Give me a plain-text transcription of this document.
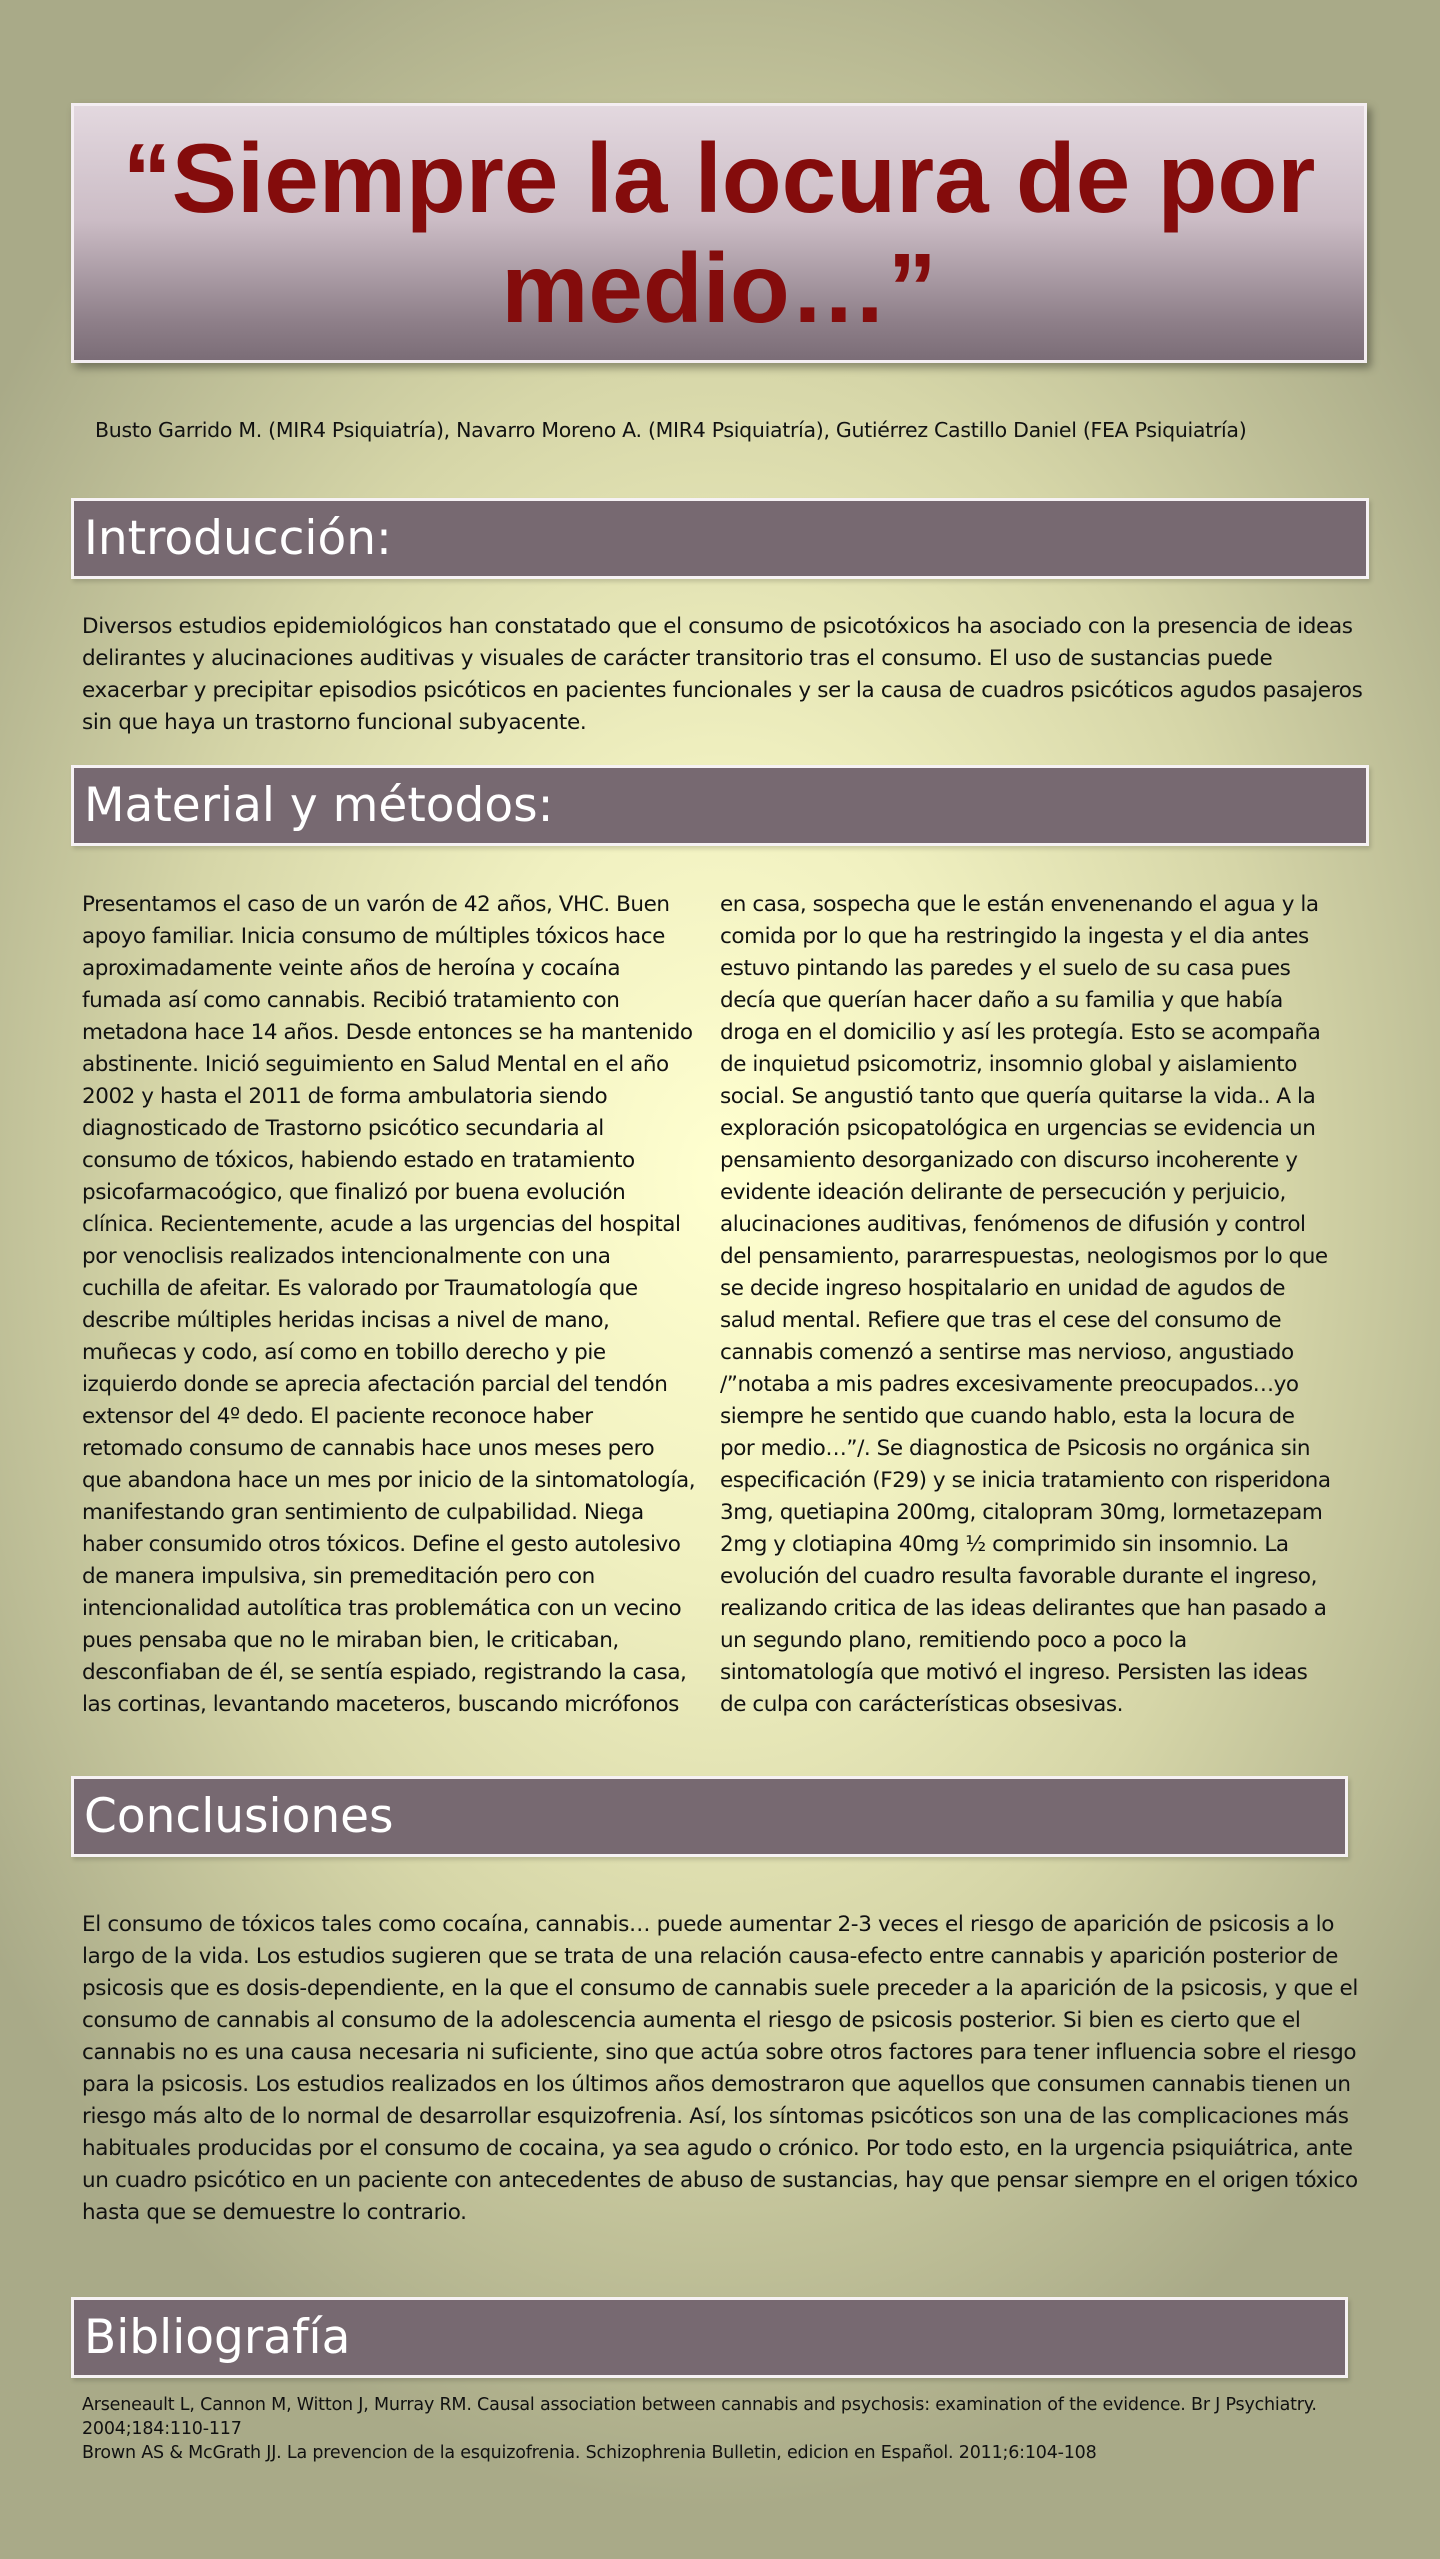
“Siempre la locura de por medio…”
Busto Garrido M. (MIR4 Psiquiatría), Navarro Moreno A. (MIR4 Psiquiatría), Gutiérrez Castillo Daniel (FEA Psiquiatría)
Introducción:

Diversos estudios epidemiológicos han constatado que el consumo de psicotóxicos ha asociado con la presencia de ideas delirantes y alucinaciones auditivas y visuales de carácter transitorio tras el consumo. El uso de sustancias puede exacerbar y precipitar episodios psicóticos en pacientes funcionales y ser la causa de cuadros psicóticos agudos pasajeros sin que haya un trastorno funcional subyacente.

Material y métodos:
Presentamos el caso de un varón de 42 años, VHC. Buen
apoyo familiar. Inicia consumo de múltiples tóxicos hace
aproximadamente veinte años de heroína y cocaína
fumada así como cannabis. Recibió tratamiento con
metadona hace 14 años. Desde entonces se ha mantenido
abstinente. Inició seguimiento en Salud Mental en el año
2002 y hasta el 2011 de forma ambulatoria siendo
diagnosticado de Trastorno psicótico secundaria al
consumo de tóxicos, habiendo estado en tratamiento
psicofarmacoógico, que finalizó por buena evolución
clínica. Recientemente, acude a las urgencias del hospital
por venoclisis realizados intencionalmente con una
cuchilla de afeitar. Es valorado por Traumatología que
describe múltiples heridas incisas a nivel de mano,
muñecas y codo, así como en tobillo derecho y pie
izquierdo donde se aprecia afectación parcial del tendón
extensor del 4º dedo. El paciente reconoce haber
retomado consumo de cannabis hace unos meses pero
que abandona hace un mes por inicio de la sintomatología,
manifestando gran sentimiento de culpabilidad. Niega
haber consumido otros tóxicos. Define el gesto autolesivo
de manera impulsiva, sin premeditación pero con
intencionalidad autolítica tras problemática con un vecino
pues pensaba que no le miraban bien, le criticaban,
desconfiaban de él, se sentía espiado, registrando la casa,
las cortinas, levantando maceteros, buscando micrófonos
en casa, sospecha que le están envenenando el agua y la
comida por lo que ha restringido la ingesta y el dia antes
estuvo pintando las paredes y el suelo de su casa pues
decía que querían hacer daño a su familia y que había
droga en el domicilio y así les protegía. Esto se acompaña
de inquietud psicomotriz, insomnio global y aislamiento
social. Se angustió tanto que quería quitarse la vida.. A la
exploración psicopatológica en urgencias se evidencia un
pensamiento desorganizado con discurso incoherente y
evidente ideación delirante de persecución y perjuicio,
alucinaciones auditivas, fenómenos de difusión y control
del pensamiento, pararrespuestas, neologismos por lo que
se decide ingreso hospitalario en unidad de agudos de
salud mental. Refiere que tras el cese del consumo de
cannabis comenzó a sentirse mas nervioso, angustiado
/”notaba a mis padres excesivamente preocupados…yo
siempre he sentido que cuando hablo, esta la locura de
por medio…”/. Se diagnostica de Psicosis no orgánica sin
especificación (F29) y se inicia tratamiento con risperidona
3mg, quetiapina 200mg, citalopram 30mg, lormetazepam
2mg y clotiapina 40mg ½ comprimido sin insomnio. La
evolución del cuadro resulta favorable durante el ingreso,
realizando critica de las ideas delirantes que han pasado a
un segundo plano, remitiendo poco a poco la
sintomatología que motivó el ingreso. Persisten las ideas
de culpa con carácterísticas obsesivas.
Conclusiones

El consumo de tóxicos tales como cocaína, cannabis… puede aumentar 2-3 veces el riesgo de aparición de psicosis a lo largo de la vida. Los estudios sugieren que se trata de una relación causa-efecto entre cannabis y aparición posterior de psicosis que es dosis-dependiente, en la que el consumo de cannabis suele preceder a la aparición de la psicosis, y que el consumo de cannabis al consumo de la adolescencia aumenta el riesgo de psicosis posterior. Si bien es cierto que el cannabis no es una causa necesaria ni suficiente, sino que actúa sobre otros factores para tener influencia sobre el riesgo para la psicosis. Los estudios realizados en los últimos años demostraron que aquellos que consumen cannabis tienen un riesgo más alto de lo normal de desarrollar esquizofrenia. Así, los síntomas psicóticos son una de las complicaciones más habituales producidas por el consumo de cocaina, ya sea agudo o crónico. Por todo esto, en la urgencia psiquiátrica, ante un cuadro psicótico en un paciente con antecedentes de abuso de sustancias, hay que pensar siempre en el origen tóxico hasta que se demuestre lo contrario.

Bibliografía
Arseneault L, Cannon M, Witton J, Murray RM. Causal association between cannabis and psychosis: examination of the evidence. Br J Psychiatry. 2004;184:110-117
Brown AS & McGrath JJ. La prevencion de la esquizofrenia. Schizophrenia Bulletin, edicion en Español. 2011;6:104-108
